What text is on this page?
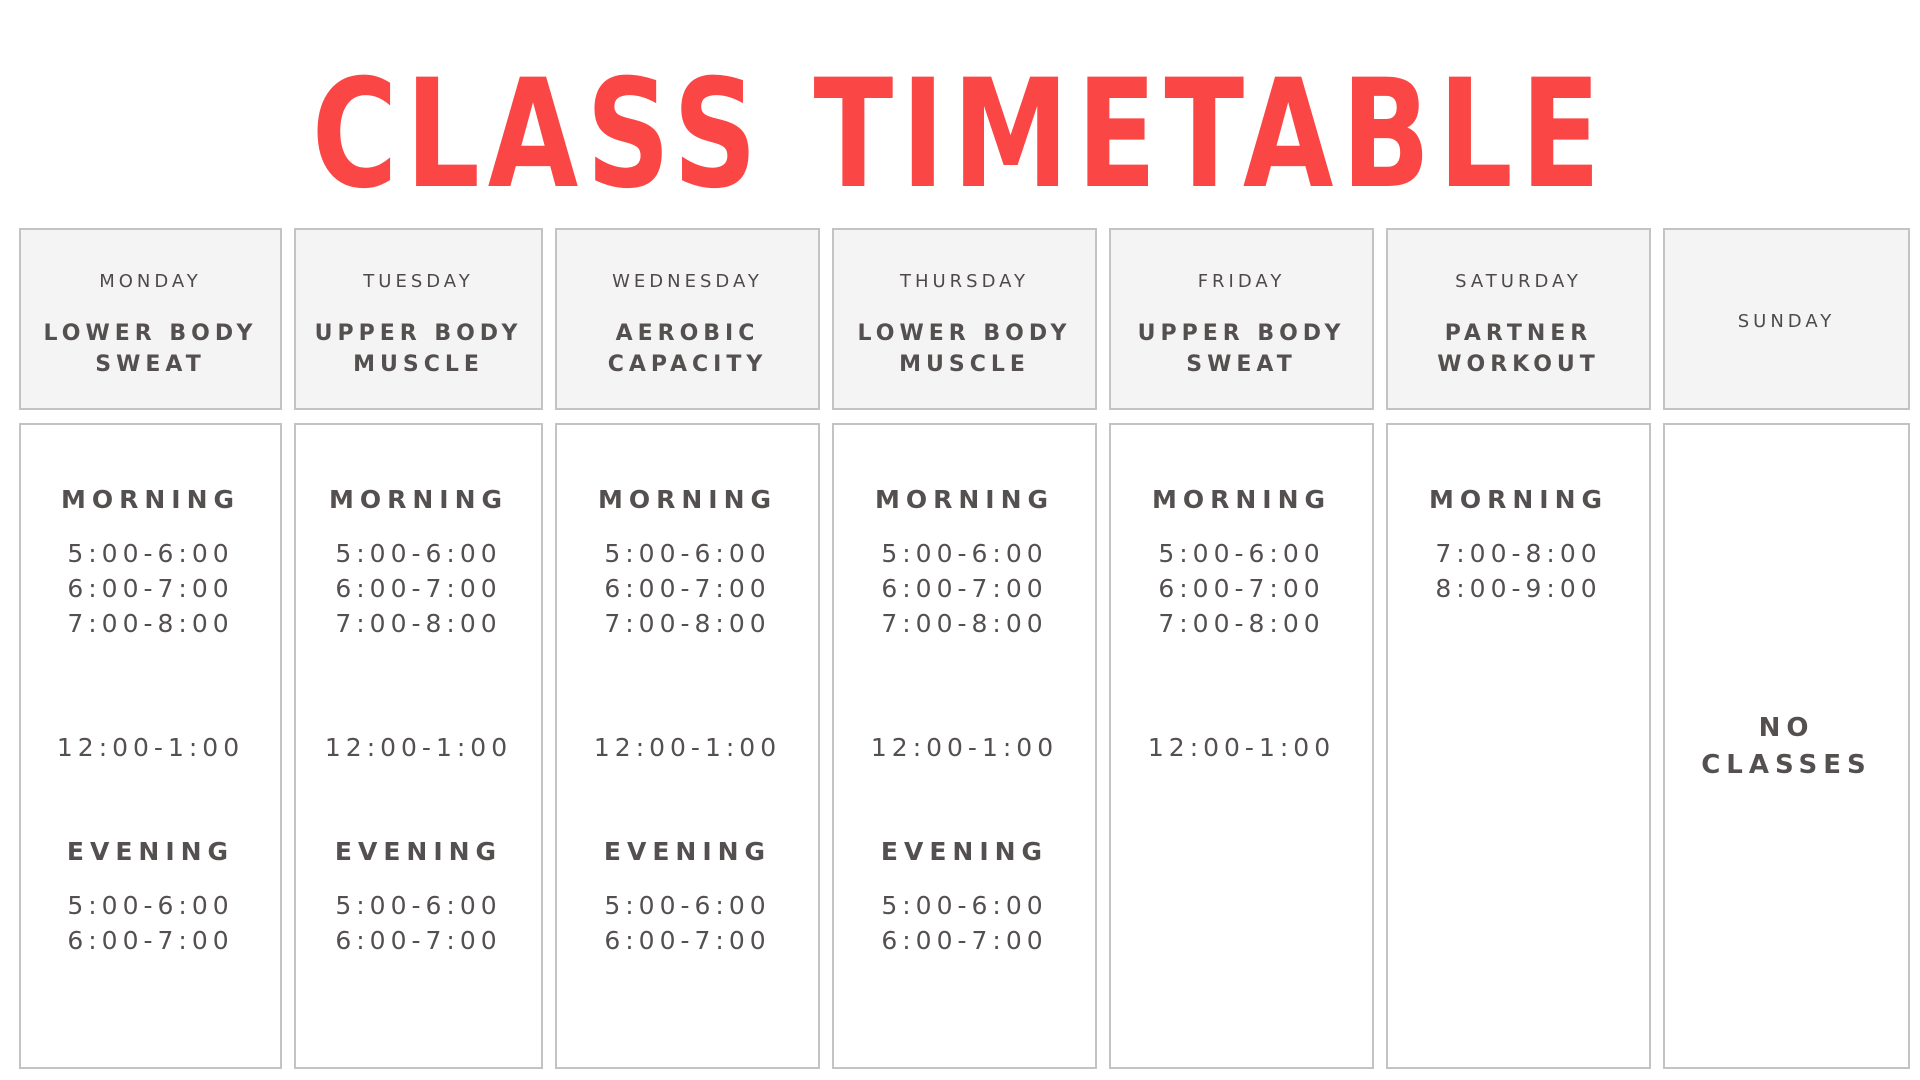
CLASS TIMETABLE
MONDAY
LOWER BODY
SWEAT
MORNING
5:00-6:00
6:00-7:00
7:00-8:00
12:00-1:00
EVENING
5:00-6:00
6:00-7:00
TUESDAY
UPPER BODY
MUSCLE
MORNING
5:00-6:00
6:00-7:00
7:00-8:00
12:00-1:00
EVENING
5:00-6:00
6:00-7:00
WEDNESDAY
AEROBIC
CAPACITY
MORNING
5:00-6:00
6:00-7:00
7:00-8:00
12:00-1:00
EVENING
5:00-6:00
6:00-7:00
THURSDAY
LOWER BODY
MUSCLE
MORNING
5:00-6:00
6:00-7:00
7:00-8:00
12:00-1:00
EVENING
5:00-6:00
6:00-7:00
FRIDAY
UPPER BODY
SWEAT
MORNING
5:00-6:00
6:00-7:00
7:00-8:00
12:00-1:00
SATURDAY
PARTNER
WORKOUT
MORNING
7:00-8:00
8:00-9:00
SUNDAY
NO
CLASSES
